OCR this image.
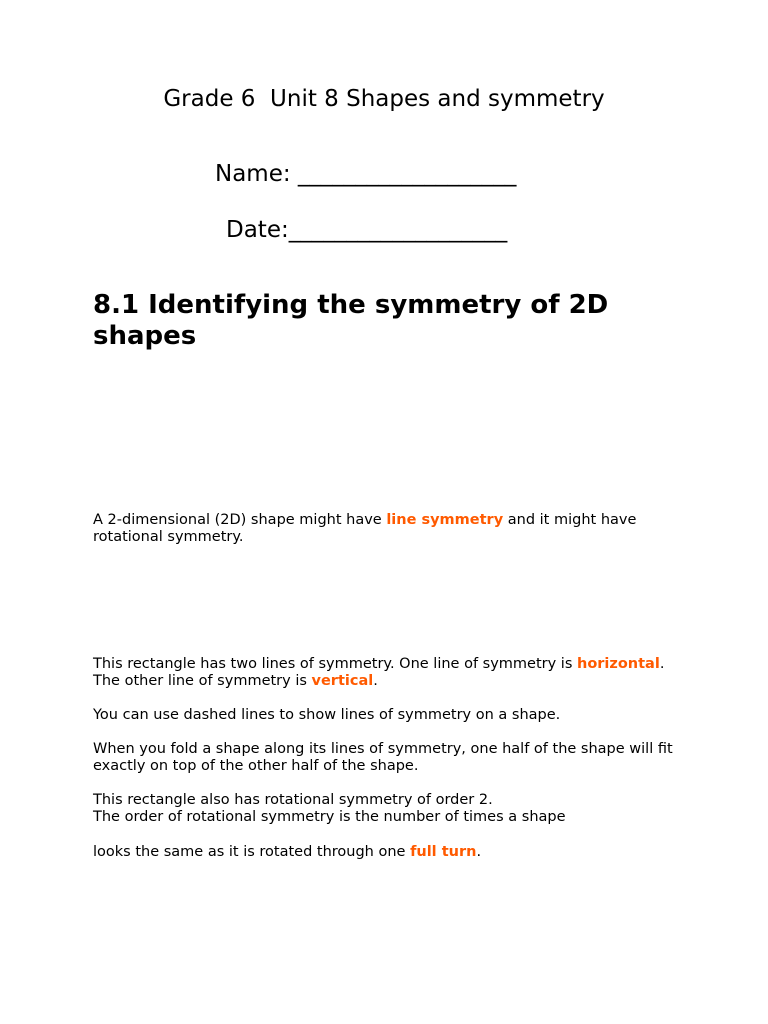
Grade 6  Unit 8 Shapes and symmetry
Name: ___________________
Date:___________________
8.1 Identifying the symmetry of 2D shapes

A 2-dimensional (2D) shape might have line symmetry and it might have rotational symmetry.

This rectangle has two lines of symmetry. One line of symmetry is horizontal. The other line of symmetry is vertical.

You can use dashed lines to show lines of symmetry on a shape.

When you fold a shape along its lines of symmetry, one half of the shape will fit exactly on top of the other half of the shape.

This rectangle also has rotational symmetry of order 2.
The order of rotational symmetry is the number of times a shape

looks the same as it is rotated through one full turn.
